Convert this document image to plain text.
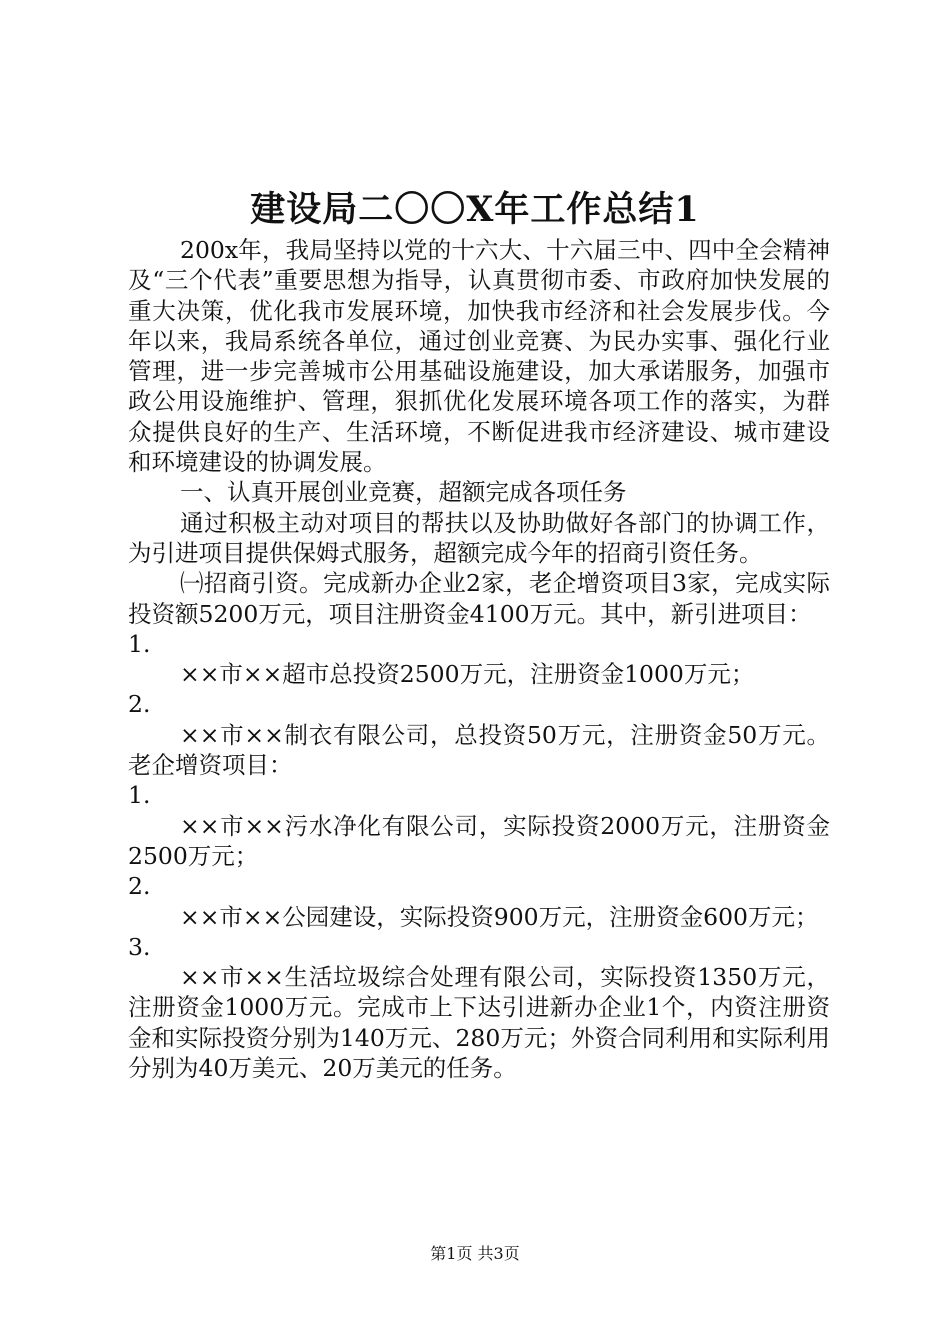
建设局二〇〇X年工作总结1

200x年，我局坚持以党的十六大、十六届三中、四中全会精神及“三个代表”重要思想为指导，认真贯彻市委、市政府加快发展的重大决策，优化我市发展环境，加快我市经济和社会发展步伐。今年以来，我局系统各单位，通过创业竞赛、为民办实事、强化行业管理，进一步完善城市公用基础设施建设，加大承诺服务，加强市政公用设施维护、管理，狠抓优化发展环境各项工作的落实，为群众提供良好的生产、生活环境，不断促进我市经济建设、城市建设和环境建设的协调发展。

一、认真开展创业竞赛，超额完成各项任务

通过积极主动对项目的帮扶以及协助做好各部门的协调工作，为引进项目提供保姆式服务，超额完成今年的招商引资任务。

㈠招商引资。完成新办企业2家，老企增资项目3家，完成实际投资额5200万元，项目注册资金4100万元。其中，新引进项目：

1.

××市××超市总投资2500万元，注册资金1000万元；

2.

××市××制衣有限公司，总投资50万元，注册资金50万元。老企增资项目：

1.

××市××污水净化有限公司，实际投资2000万元，注册资金2500万元；

2.

××市××公园建设，实际投资900万元，注册资金600万元；

3.

××市××生活垃圾综合处理有限公司，实际投资1350万元，注册资金1000万元。完成市上下达引进新办企业1个，内资注册资金和实际投资分别为140万元、280万元；外资合同利用和实际利用分别为40万美元、20万美元的任务。

第1页 共3页
